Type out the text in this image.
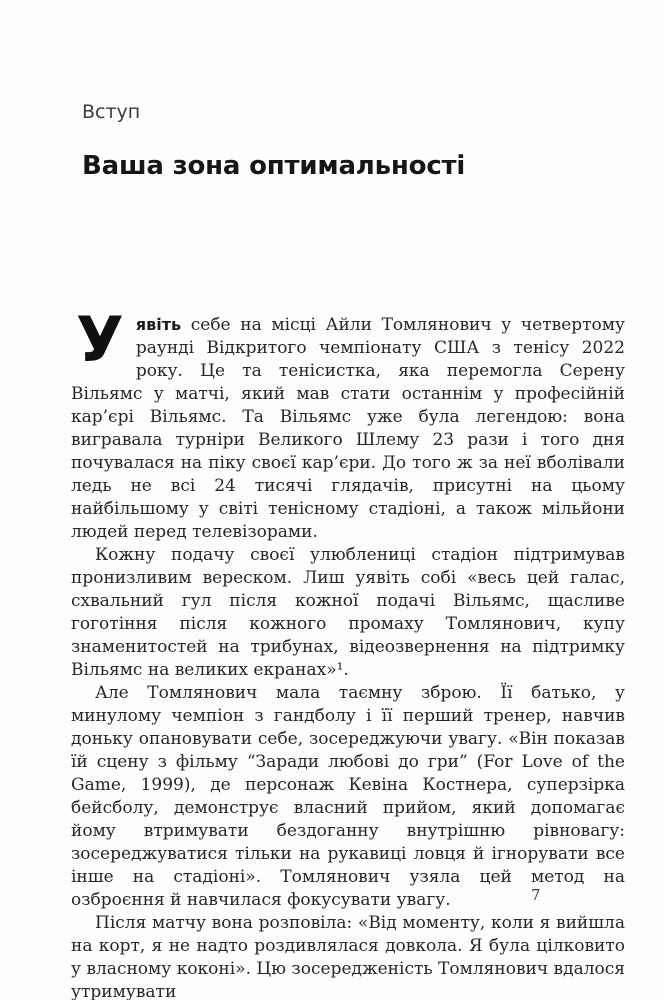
Вступ
Ваша зона оптимальності

Уявіть себе на місці Айли Томлянович у четвертому раунді Відкритого чемпіонату США з тенісу 2022 року. Це та тенісистка, яка перемогла Серену Вільямс у матчі, який мав стати останнім у професійній кар’єрі Вільямс. Та Вільямс уже була легендою: вона вигравала турніри Великого Шлему 23 рази і того дня почувалася на піку своєї кар’єри. До того ж за неї вболівали ледь не всі 24 тисячі глядачів, присутні на цьому найбільшому у світі тенісному стадіоні, а також мільйони людей перед телевізорами.

Кожну подачу своєї улюблениці стадіон підтримував пронизливим вереском. Лиш уявіть собі «весь цей галас, схвальний гул після кожної подачі Вільямс, щасливе гоготіння після кожного промаху Томлянович, купу знаменитостей на трибунах, відеозвернення на підтримку Вільямс на великих екранах»¹.

Але Томлянович мала таємну зброю. Її батько, у минулому чемпіон з гандболу і її перший тренер, навчив доньку опановувати себе, зосереджуючи увагу. «Він показав їй сцену з фільму “Заради любові до гри” (For Love of the Game, 1999), де персонаж Кевіна Костнера, суперзірка бейсболу, демонструє власний прийом, який допомагає йому втримувати бездоганну внутрішню рівновагу: зосереджуватися тільки на рукавиці ловця й ігнорувати все інше на стадіоні». Томлянович узяла цей метод на озброєння й навчилася фокусувати увагу.

Після матчу вона розповіла: «Від моменту, коли я вийшла на корт, я не надто роздивлялася довкола. Я була цілковито у власному коконі». Цю зосередженість Томлянович вдалося утримувати

7
